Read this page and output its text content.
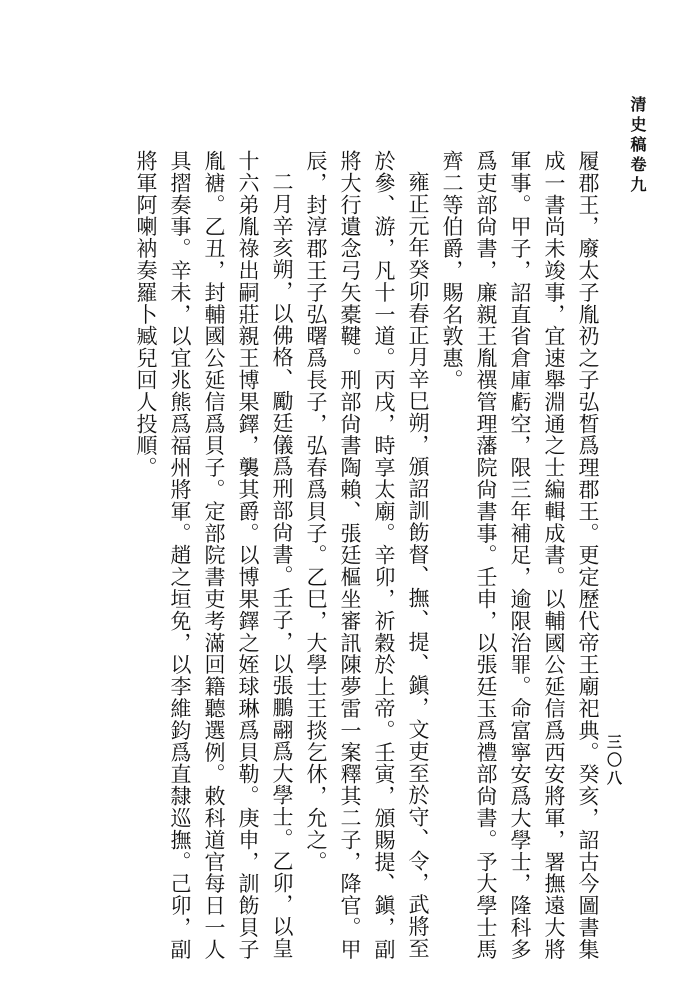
清史稿卷九
三〇八

履郡王，廢太子胤礽之子弘晳爲理郡王。更定歷代帝王廟祀典。癸亥，詔古今圖書集成一書尚未竣事，宜速舉淵通之士編輯成書。以輔國公延信爲西安將軍，署撫遠大將軍事。甲子，詔直省倉庫虧空，限三年補足，逾限治罪。命富寧安爲大學士，隆科多爲吏部尙書，廉親王胤禩管理藩院尙書事。壬申，以張廷玉爲禮部尙書。予大學士馬齊二等伯爵，賜名敦惠。

雍正元年癸卯春正月辛巳朔，頒詔訓飭督、撫、提、鎭，文吏至於守、令，武將至於參、游，凡十一道。丙戌，時享太廟。辛卯，祈穀於上帝。壬寅，頒賜提、鎭，副將大行遺念弓矢橐鞬。刑部尙書陶賴、張廷樞坐審訊陳夢雷一案釋其二子，降官。甲辰，封淳郡王子弘曙爲長子，弘春爲貝子。乙巳，大學士王掞乞休，允之。

二月辛亥朔，以佛格、勵廷儀爲刑部尙書。壬子，以張鵬翮爲大學士。乙卯，以皇十六弟胤祿出嗣莊親王博果鐸，襲其爵。以博果鐸之姪球琳爲貝勒。庚申，訓飭貝子胤禟。乙丑，封輔國公延信爲貝子。定部院書吏考滿回籍聽選例。敕科道官每日一人具摺奏事。辛未，以宜兆熊爲福州將軍。趙之垣免，以李維鈞爲直隸巡撫。己卯，副將軍阿喇衲奏羅卜臧兒回人投順。
